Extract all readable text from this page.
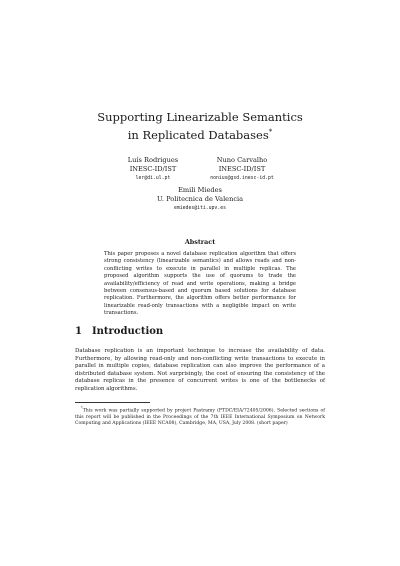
Supporting Linearizable Semantics in Replicated Databases*
Luís Rodrigues
INESC-ID/IST
ler@di.ul.pt
Nuno Carvalho
INESC-ID/IST
nonius@gsd.inesc-id.pt
Emili Miedes
U. Politecnica de Valencia
emiedes@iti.upv.es
Abstract
This paper proposes a novel database replication algorithm that offers strong consistency (linearizable semantics) and allows reads and non-conflicting writes to execute in parallel in multiple replicas. The proposed algorithm supports the use of quorums to trade the availability/efficiency of read and write operations, making a bridge between consensus-based and quorum based solutions for database replication. Furthermore, the algorithm offers better performance for linearizable read-only transactions with a negligible impact on write transactions.
1 Introduction
Database replication is an important technique to increase the availability of data. Furthermore, by allowing read-only and non-conflicting write transactions to execute in parallel in multiple copies, database replication can also improve the performance of a distributed database system. Not surprisingly, the cost of ensuring the consistency of the database replicas in the presence of concurrent writes is one of the bottlenecks of replication algorithms.
*This work was partially supported by project Pastramy (PTDC/EIA/72405/2006). Selected sections of this report will be published in the Proceedings of the 7th IEEE International Symposium on Network Computing and Applications (IEEE NCA08), Cambridge, MA, USA, July 2008. (short paper)
